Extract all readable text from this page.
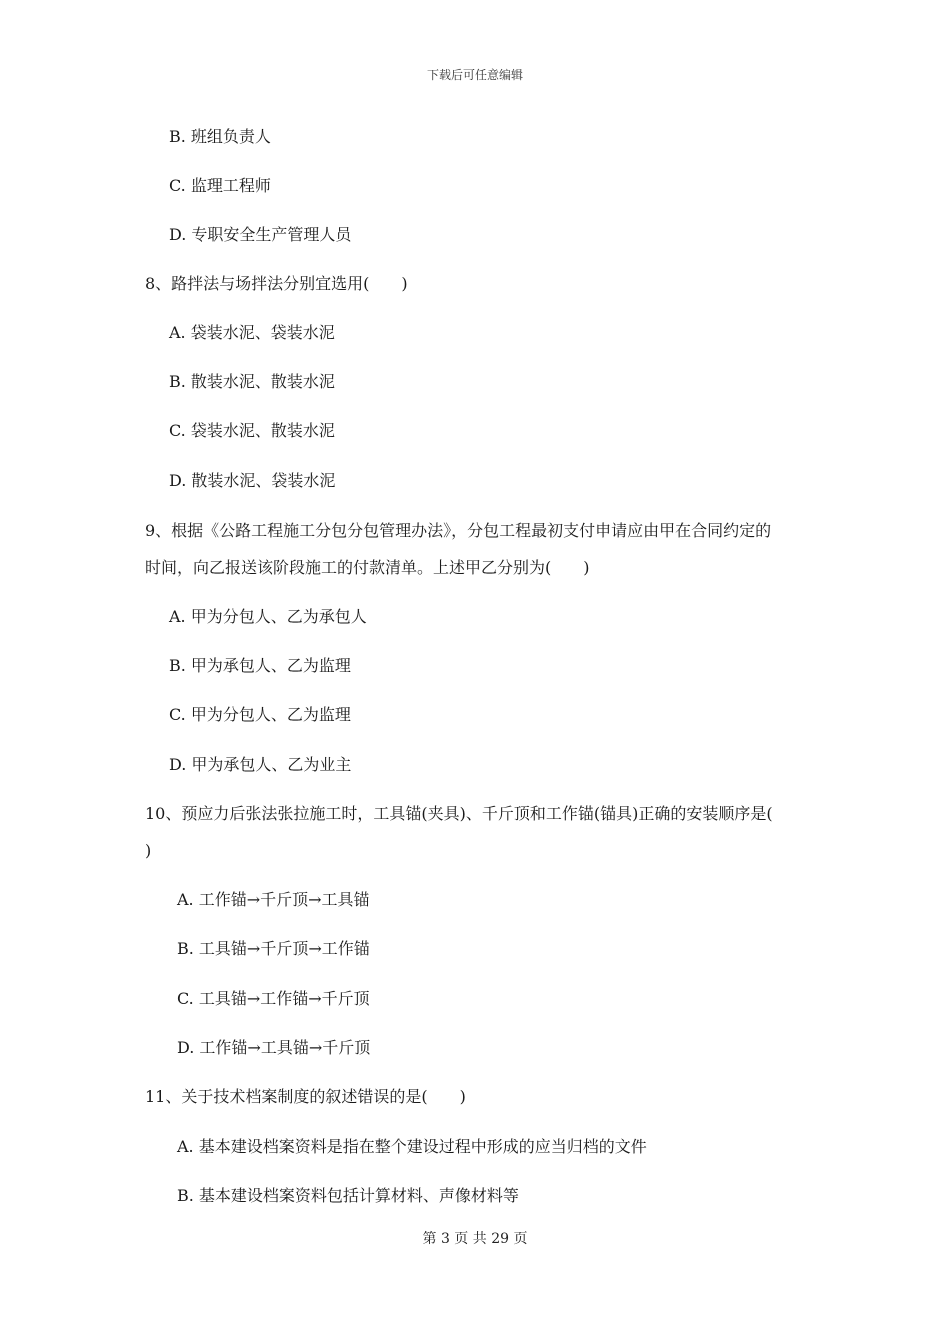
下载后可任意编辑
B. 班组负责人
C. 监理工程师
D. 专职安全生产管理人员
8、路拌法与场拌法分别宜选用(　　)
A. 袋装水泥、袋装水泥
B. 散装水泥、散装水泥
C. 袋装水泥、散装水泥
D. 散装水泥、袋装水泥
9、根据《公路工程施工分包分包管理办法》，分包工程最初支付申请应由甲在合同约定的
时间，向乙报送该阶段施工的付款清单。上述甲乙分别为(　　)
A. 甲为分包人、乙为承包人
B. 甲为承包人、乙为监理
C. 甲为分包人、乙为监理
D. 甲为承包人、乙为业主
10、预应力后张法张拉施工时，工具锚(夹具)、千斤顶和工作锚(锚具)正确的安装顺序是(
)
A. 工作锚→千斤顶→工具锚
B. 工具锚→千斤顶→工作锚
C. 工具锚→工作锚→千斤顶
D. 工作锚→工具锚→千斤顶
11、关于技术档案制度的叙述错误的是(　　)
A. 基本建设档案资料是指在整个建设过程中形成的应当归档的文件
B. 基本建设档案资料包括计算材料、声像材料等
第 3 页 共 29 页
